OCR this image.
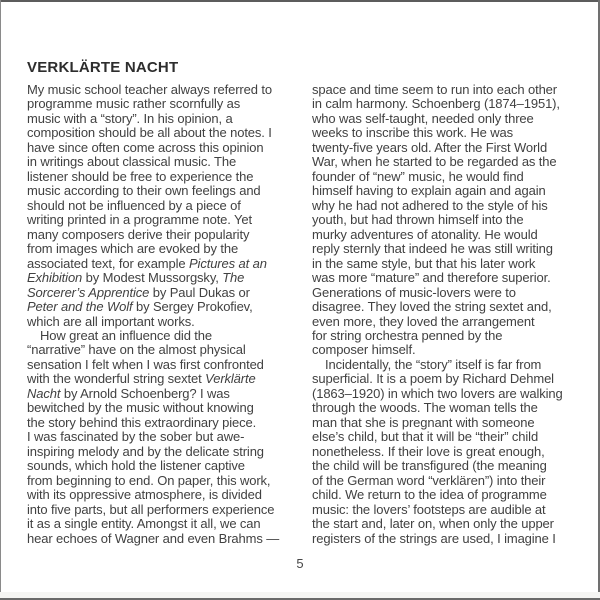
VERKLÄRTE NACHT
My music school teacher always referred to
programme music rather scornfully as
music with a “story”. In his opinion, a
composition should be all about the notes. I
have since often come across this opinion
in writings about classical music. The
listener should be free to experience the
music according to their own feelings and
should not be influenced by a piece of
writing printed in a programme note. Yet
many composers derive their popularity
from images which are evoked by the
associated text, for example Pictures at an
Exhibition by Modest Mussorgsky, The
Sorcerer’s Apprentice by Paul Dukas or
Peter and the Wolf by Sergey Prokofiev,
which are all important works.
How great an influence did the
“narrative” have on the almost physical
sensation I felt when I was first confronted
with the wonderful string sextet Verklärte
Nacht by Arnold Schoenberg? I was
bewitched by the music without knowing
the story behind this extraordinary piece.
I was fascinated by the sober but awe-
inspiring melody and by the delicate string
sounds, which hold the listener captive
from beginning to end. On paper, this work,
with its oppressive atmosphere, is divided
into five parts, but all performers experience
it as a single entity. Amongst it all, we can
hear echoes of Wagner and even Brahms —
space and time seem to run into each other
in calm harmony. Schoenberg (1874–1951),
who was self-taught, needed only three
weeks to inscribe this work. He was
twenty-five years old. After the First World
War, when he started to be regarded as the
founder of “new” music, he would find
himself having to explain again and again
why he had not adhered to the style of his
youth, but had thrown himself into the
murky adventures of atonality. He would
reply sternly that indeed he was still writing
in the same style, but that his later work
was more “mature” and therefore superior.
Generations of music-lovers were to
disagree. They loved the string sextet and,
even more, they loved the arrangement
for string orchestra penned by the
composer himself.
Incidentally, the “story” itself is far from
superficial. It is a poem by Richard Dehmel
(1863–1920) in which two lovers are walking
through the woods. The woman tells the
man that she is pregnant with someone
else’s child, but that it will be “their” child
nonetheless. If their love is great enough,
the child will be transfigured (the meaning
of the German word “verklären”) into their
child. We return to the idea of programme
music: the lovers’ footsteps are audible at
the start and, later on, when only the upper
registers of the strings are used, I imagine I
5
